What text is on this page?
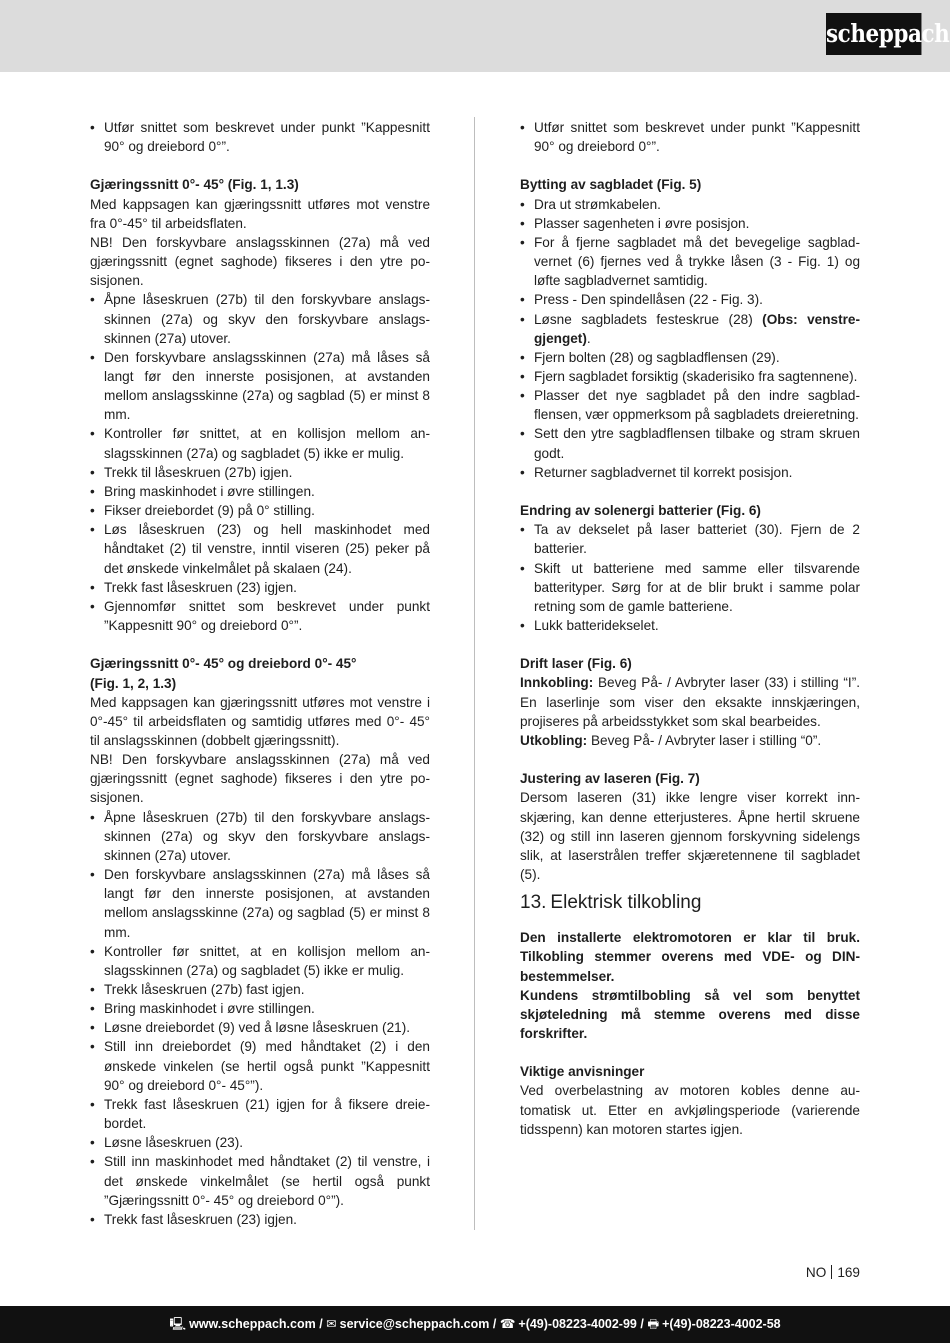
scheppach
• Utfør snittet som beskrevet under punkt ”Kappesnitt 90° og dreiebord 0°”.
Gjæringssnitt 0°- 45° (Fig. 1, 1.3)

Med kappsagen kan gjæringssnitt utføres mot venstre fra 0°-45° til arbeidsflaten.

NB! Den forskyvbare anslagsskinnen (27a) må ved gjæringssnitt (egnet saghode) fikseres i den ytre posisjonen.

• Åpne låseskruen (27b) til den forskyvbare anslagsskinnen (27a) og skyv den forskyvbare anslagsskinnen (27a) utover.
• Den forskyvbare anslagsskinnen (27a) må låses så langt før den innerste posisjonen, at avstanden mellom anslagsskinne (27a) og sagblad (5) er minst 8 mm.
• Kontroller før snittet, at en kollisjon mellom anslagsskinnen (27a) og sagbladet (5) ikke er mulig.
• Trekk til låseskruen (27b) igjen.
• Bring maskinhodet i øvre stillingen.
• Fikser dreiebordet (9) på 0° stilling.
• Løs låseskruen (23) og hell maskinhodet med håndtaket (2) til venstre, inntil viseren (25) peker på det ønskede vinkelmålet på skalaen (24).
• Trekk fast låseskruen (23) igjen.
• Gjennomfør snittet som beskrevet under punkt ”Kappesnitt 90° og dreiebord 0°”.
Gjæringssnitt 0°- 45° og dreiebord 0°- 45°
(Fig. 1, 2, 1.3)

Med kappsagen kan gjæringssnitt utføres mot venstre i 0°-45° til arbeidsflaten og samtidig utføres med 0°- 45° til anslagsskinnen (dobbelt gjæringssnitt).

NB! Den forskyvbare anslagsskinnen (27a) må ved gjæringssnitt (egnet saghode) fikseres i den ytre posisjonen.

• Åpne låseskruen (27b) til den forskyvbare anslagsskinnen (27a) og skyv den forskyvbare anslagsskinnen (27a) utover.
• Den forskyvbare anslagsskinnen (27a) må låses så langt før den innerste posisjonen, at avstanden mellom anslagsskinne (27a) og sagblad (5) er minst 8 mm.
• Kontroller før snittet, at en kollisjon mellom anslagsskinnen (27a) og sagbladet (5) ikke er mulig.
• Trekk låseskruen (27b) fast igjen.
• Bring maskinhodet i øvre stillingen.
• Løsne dreiebordet (9) ved å løsne låseskruen (21).
• Still inn dreiebordet (9) med håndtaket (2) i den ønskede vinkelen (se hertil også punkt ”Kappesnitt 90° og dreiebord 0°- 45°”).
• Trekk fast låseskruen (21) igjen for å fiksere dreiebordet.
• Løsne låseskruen (23).
• Still inn maskinhodet med håndtaket (2) til venstre, i det ønskede vinkelmålet (se hertil også punkt ”Gjæringssnitt 0°- 45° og dreiebord 0°”).
• Trekk fast låseskruen (23) igjen.
• Utfør snittet som beskrevet under punkt ”Kappesnitt 90° og dreiebord 0°”.
Bytting av sagbladet (Fig. 5)
• Dra ut strømkabelen.
• Plasser sagenheten i øvre posisjon.
• For å fjerne sagbladet må det bevegelige sagbladvernet (6) fjernes ved å trykke låsen (3 - Fig. 1) og løfte sagbladvernet samtidig.
• Press - Den spindellåsen (22 - Fig. 3).
• Løsne sagbladets festeskrue (28) (Obs: venstregjenget).
• Fjern bolten (28) og sagbladflensen (29).
• Fjern sagbladet forsiktig (skaderisiko fra sagtennene).
• Plasser det nye sagbladet på den indre sagbladflensen, vær oppmerksom på sagbladets dreieretning.
• Sett den ytre sagbladflensen tilbake og stram skruen godt.
• Returner sagbladvernet til korrekt posisjon.
Endring av solenergi batterier (Fig. 6)
• Ta av dekselet på laser batteriet (30). Fjern de 2 batterier.
• Skift ut batteriene med samme eller tilsvarende batterityper. Sørg for at de blir brukt i samme polar retning som de gamle batteriene.
• Lukk batteridekselet.
Drift laser (Fig. 6)

Innkobling: Beveg På- / Avbryter laser (33) i stilling “I”. En laserlinje som viser den eksakte innskjæringen, projiseres på arbeidsstykket som skal bearbeides.

Utkobling: Beveg På- / Avbryter laser i stilling “0”.

Justering av laseren (Fig. 7)

Dersom laseren (31) ikke lengre viser korrekt innskjæring, kan denne etterjusteres. Åpne hertil skruene (32) og still inn laseren gjennom forskyvning sidelengs slik, at laserstrålen treffer skjæretennene til sagbladet (5).

13. Elektrisk tilkobling

Den installerte elektromotoren er klar til bruk. Tilkobling stemmer overens med VDE- og DIN-bestemmelser.

Kundens strømtilbobling så vel som benyttet skjøteledning må stemme overens med disse forskrifter.

Viktige anvisninger

Ved overbelastning av motoren kobles denne automatisk ut. Etter en avkjølingsperiode (varierende tidsspenn) kan motoren startes igjen.

NO 169
🖳 www.scheppach.com / ✉ service@scheppach.com / ☎ +(49)-08223-4002-99 / 🖶 +(49)-08223-4002-58
